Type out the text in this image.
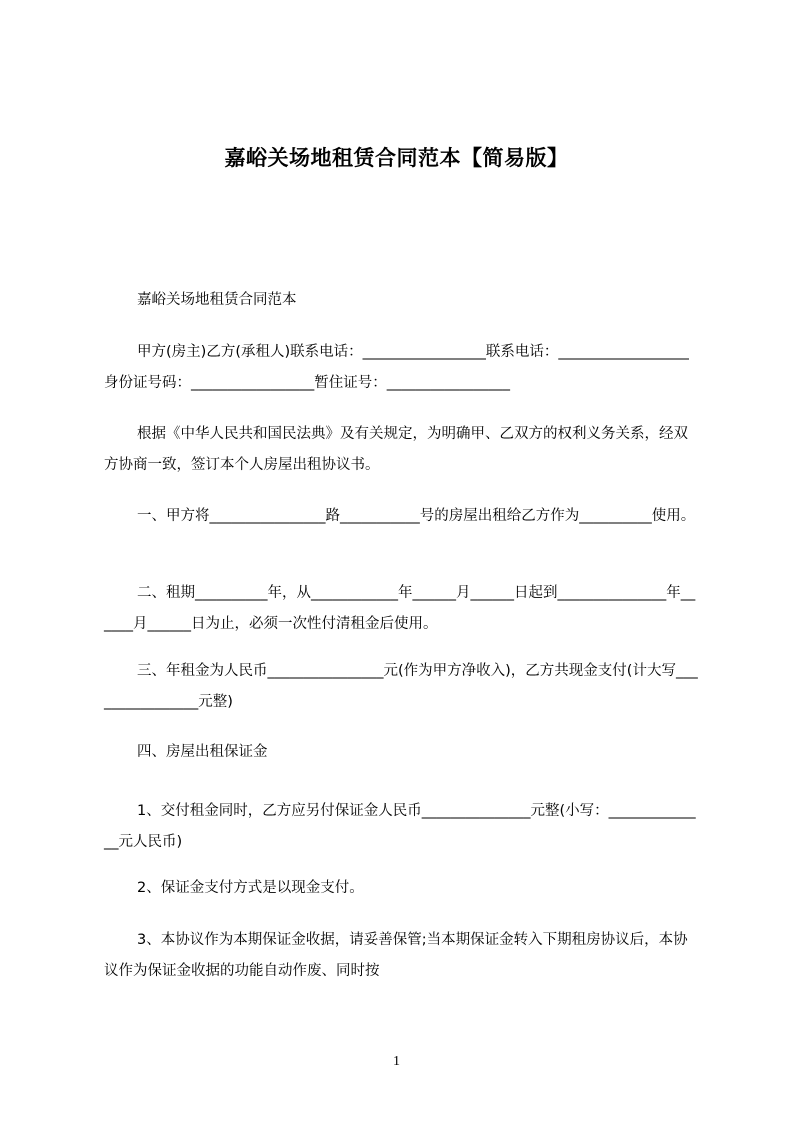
嘉峪关场地租赁合同范本【简易版】
嘉峪关场地租赁合同范本
甲方(房主)乙方(承租人)联系电话：_________________联系电话：__________________身份证号码：_________________暂住证号：_________________
根据《中华人民共和国民法典》及有关规定，为明确甲、乙双方的权利义务关系，经双方协商一致，签订本个人房屋出租协议书。
一、甲方将________________路___________号的房屋出租给乙方作为__________使用。
二、租期__________年，从____________年______月______日起到_______________年______月______日为止，必须一次性付清租金后使用。
三、年租金为人民币________________元(作为甲方净收入)，乙方共现金支付(计大写________________元整)
四、房屋出租保证金
1、交付租金同时，乙方应另付保证金人民币_______________元整(小写：______________元人民币)
2、保证金支付方式是以现金支付。
3、本协议作为本期保证金收据，请妥善保管;当本期保证金转入下期租房协议后，本协议作为保证金收据的功能自动作废、同时按
1
